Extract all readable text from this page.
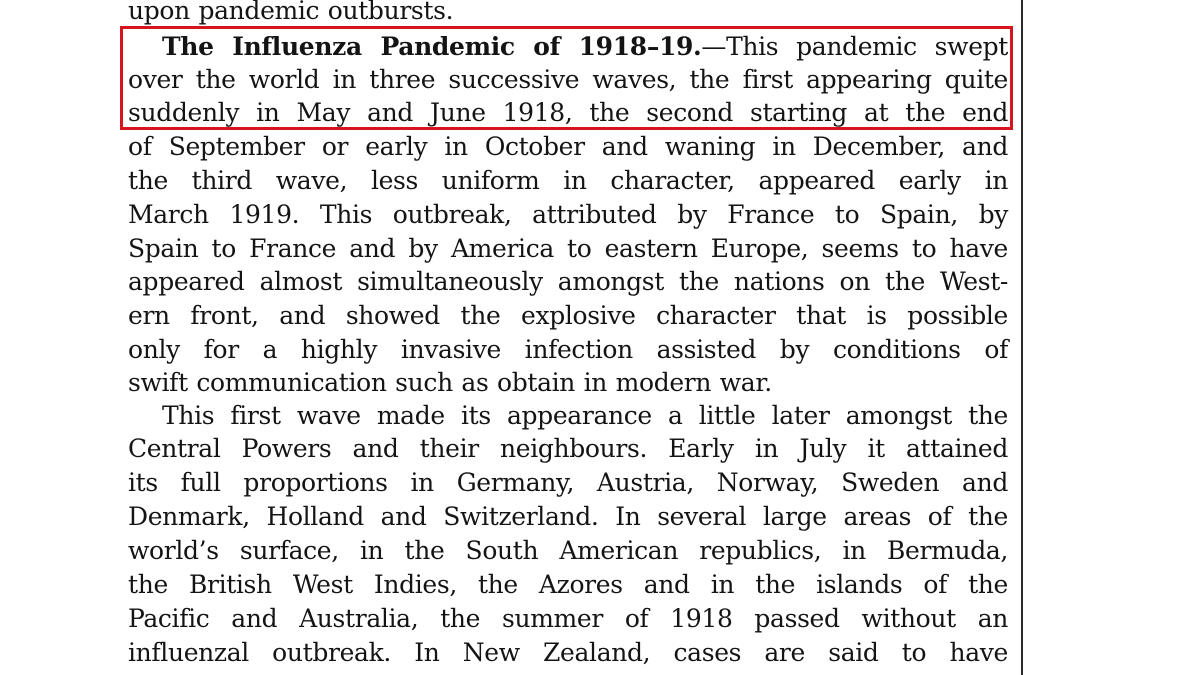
upon pandemic outbursts.
The Influenza Pandemic of 1918–19.—This pandemic swept
over the world in three successive waves, the first appearing quite
suddenly in May and June 1918, the second starting at the end
of September or early in October and waning in December, and
the third wave, less uniform in character, appeared early in
March 1919. This outbreak, attributed by France to Spain, by
Spain to France and by America to eastern Europe, seems to have
appeared almost simultaneously amongst the nations on the West-
ern front, and showed the explosive character that is possible
only for a highly invasive infection assisted by conditions of
swift communication such as obtain in modern war.
This first wave made its appearance a little later amongst the
Central Powers and their neighbours. Early in July it attained
its full proportions in Germany, Austria, Norway, Sweden and
Denmark, Holland and Switzerland. In several large areas of the
world’s surface, in the South American republics, in Bermuda,
the British West Indies, the Azores and in the islands of the
Pacific and Australia, the summer of 1918 passed without an
influenzal outbreak. In New Zealand, cases are said to have
